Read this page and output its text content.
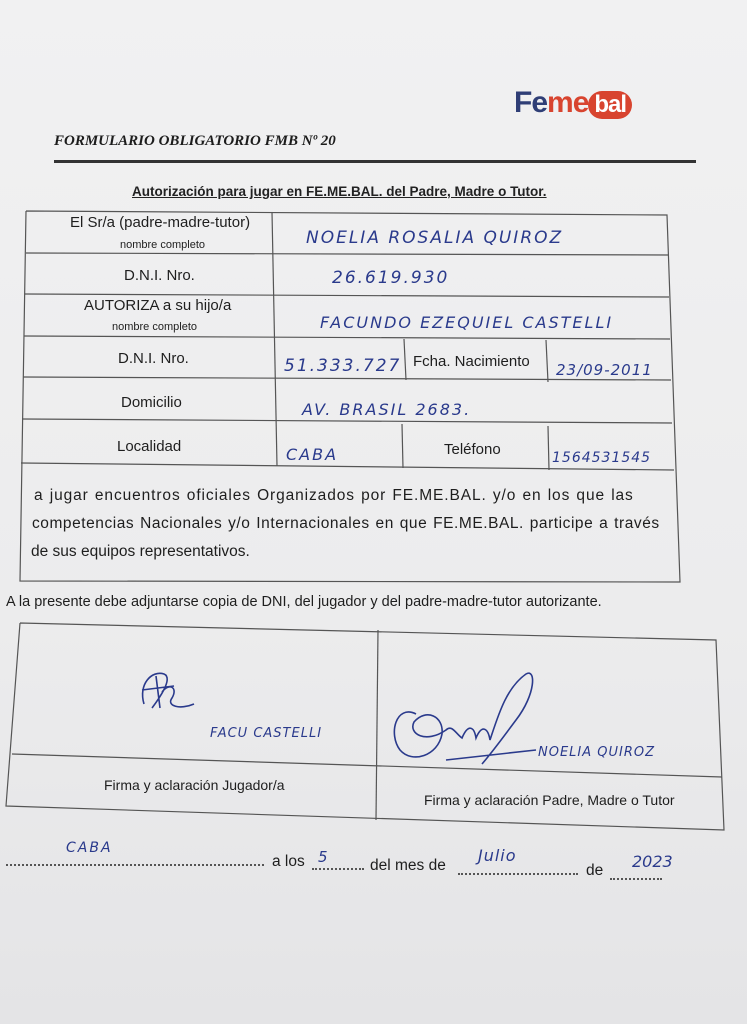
Feme bal
FORMULARIO OBLIGATORIO FMB Nº 20
Autorización para jugar en FE.ME.BAL. del Padre, Madre o Tutor.
El Sr/a (padre-madre-tutor)
nombre completo	NOELIA ROSALIA QUIROZ
D.N.I. Nro.	26.619.930
AUTORIZA a su hijo/a
nombre completo	FACUNDO EZEQUIEL CASTELLI
D.N.I. Nro.	51.333.727 Fcha. Nacimiento 23/09-2011
Domicilio	AV. BRASIL 2683.
Localidad	CABA	Teléfono	1564531545
a jugar encuentros oficiales Organizados por FE.ME.BAL. y/o en los que las
competencias Nacionales y/o Internacionales en que FE.ME.BAL. participe a través
de sus equipos representativos.
A la presente debe adjuntarse copia de DNI, del jugador y del padre-madre-tutor autorizante.
FACU CASTELLI
Firma y aclaración Jugador/a
NOELIA QUIROZ
Firma y aclaración Padre, Madre o Tutor
CABA
a los 5	del mes de
Julio
de 2023
